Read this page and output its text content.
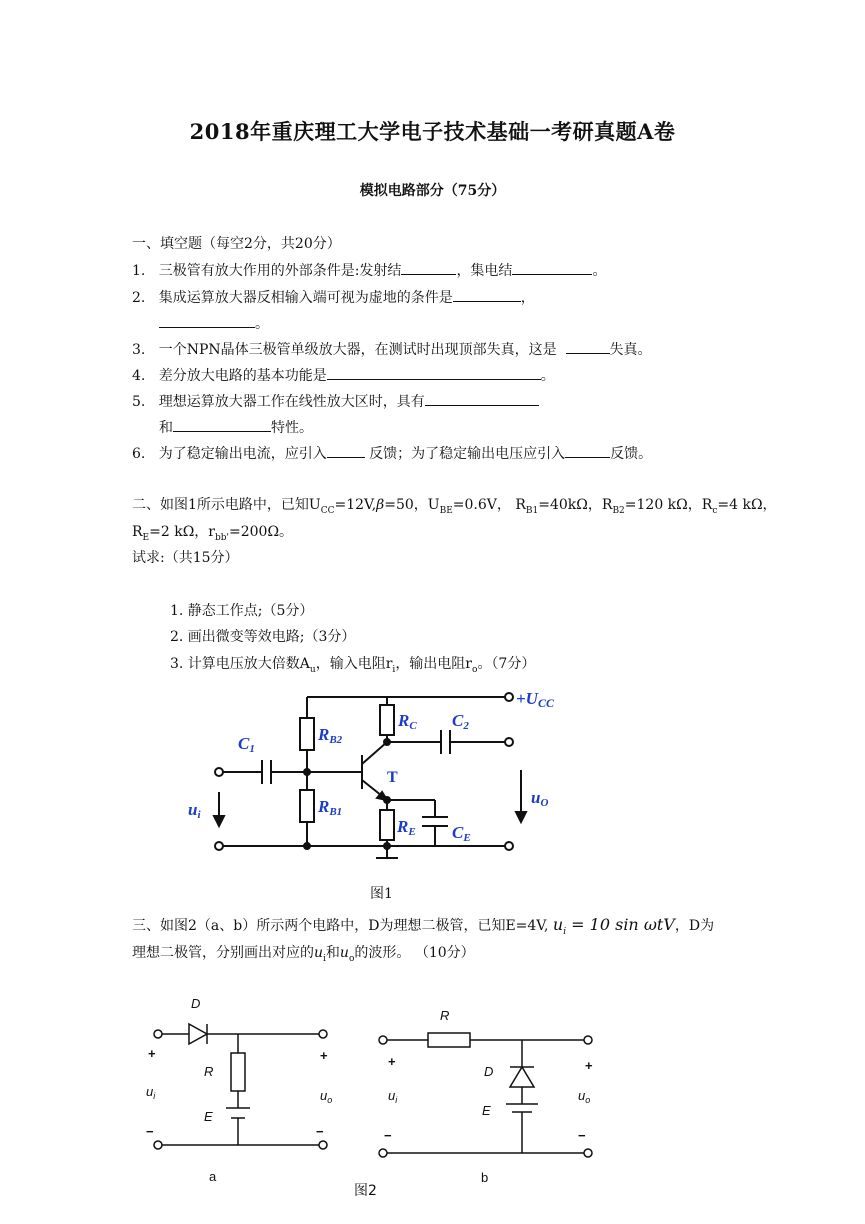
2018年重庆理工大学电子技术基础一考研真题A卷
模拟电路部分（75分）
一、填空题（每空2分，共20分）
1. 三极管有放大作用的外部条件是:发射结	，集电结	。
2. 集成运算放大器反相输入端可视为虚地的条件是	，
。
3. 一个NPN晶体三极管单级放大器，在测试时出现顶部失真，这是	失真。
4. 差分放大电路的基本功能是	。
5. 理想运算放大器工作在线性放大区时，具有
和	特性。
6. 为了稳定输出电流，应引入	反馈；为了稳定输出电压应引入	反馈。
二、如图1所示电路中，已知$U_{CC}=12V,\beta=50$，$U_{BE}=0.6V$， $R_{B1}=40k\Omega$，$R_{B2}=120$ kΩ，$R_c=4$ kΩ，
$R_E=2$ kΩ，$r_{bb'}=200\Omega$。
试求:（共15分）
1. 静态工作点;（5分）
2. 画出微变等效电路;（3分）
3. 计算电压放大倍数$A_u$，输入电阻$r_i$，输出电阻$r_o$。（7分）
+UCC
RC C2
C1
RB2
T
ui
uO
RB1
RE CE
图1
三、如图2（a、b）所示两个电路中，D为理想二极管，已知E=4V, $u_i = 10$ sin ωtV，D为
理想二极管，分别画出对应的$u_i$和$u_o$的波形。 （10分）
D
+	+
R
$u_i$	$u_o$
E
−	−
a
R
+	+
D
$u_i$	$u_o$
E
−	−
b
图2
